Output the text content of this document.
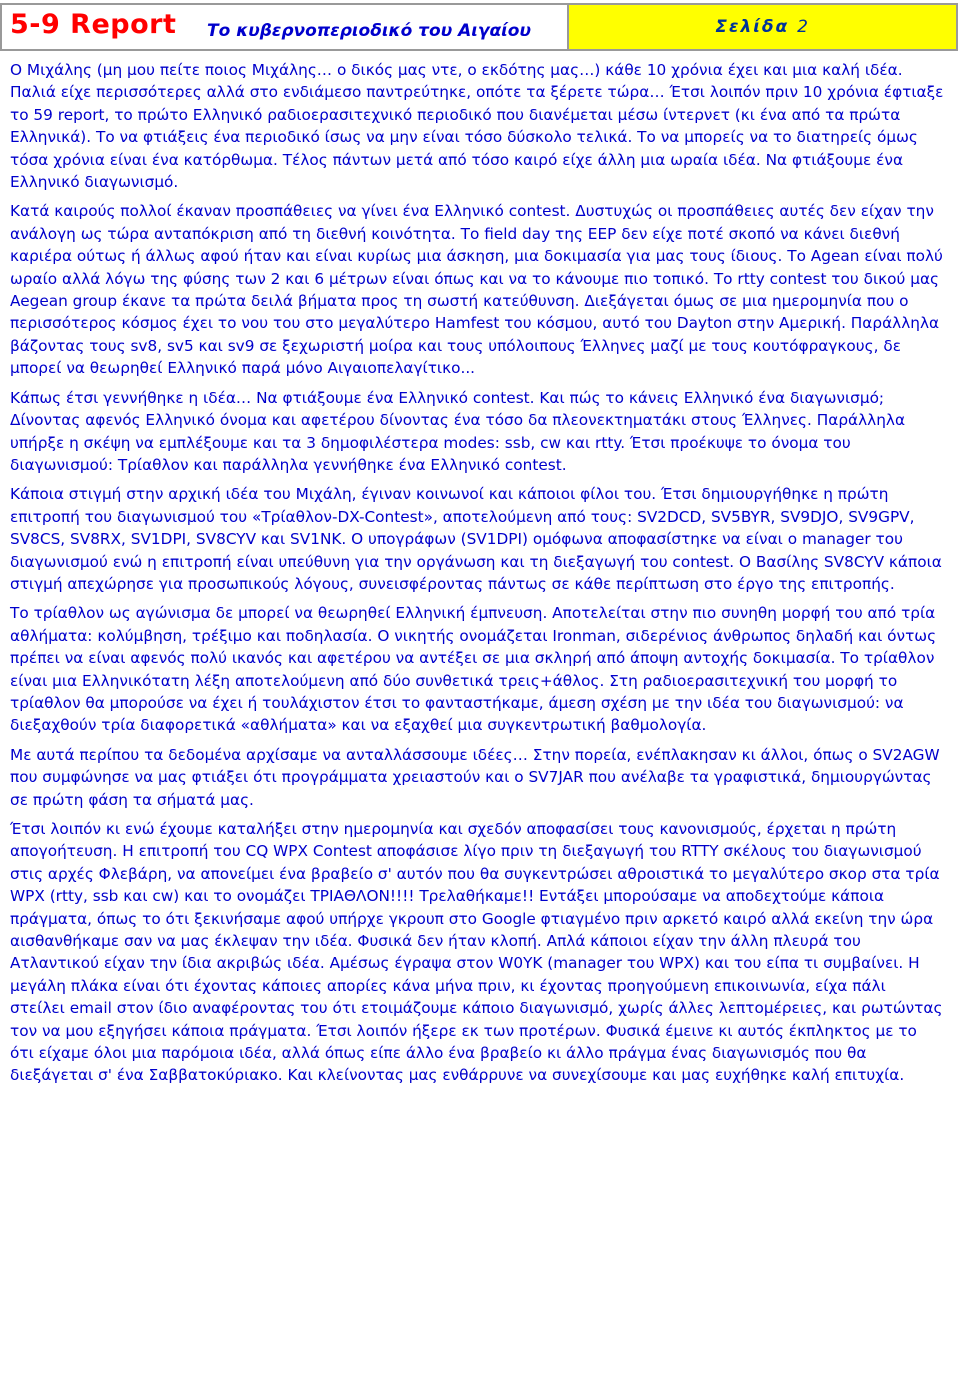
5-9 Report Το κυβερνοπεριοδικό του Αιγαίου	Σελίδα 2

Ο Μιχάλης (μη μου πείτε ποιος Μιχάλης… ο δικός μας ντε, ο εκδότης μας…) κάθε 10 χρόνια έχει και μια καλή ιδέα. Παλιά είχε περισσότερες αλλά στο ενδιάμεσο παντρεύτηκε, οπότε τα ξέρετε τώρα… Έτσι λοιπόν πριν 10 χρόνια έφτιαξε το 59 report, το πρώτο Ελληνικό ραδιοερασιτεχνικό περιοδικό που διανέμεται μέσω ίντερνετ (κι ένα από τα πρώτα Ελληνικά). Το να φτιάξεις ένα περιοδικό ίσως να μην είναι τόσο δύσκολο τελικά. Το να μπορείς να το διατηρείς όμως τόσα χρόνια είναι ένα κατόρθωμα. Τέλος πάντων μετά από τόσο καιρό είχε άλλη μια ωραία ιδέα. Να φτιάξουμε ένα Ελληνικό διαγωνισμό.

Κατά καιρούς πολλοί έκαναν προσπάθειες να γίνει ένα Ελληνικό contest. Δυστυχώς οι προσπάθειες αυτές δεν είχαν την ανάλογη ως τώρα ανταπόκριση από τη διεθνή κοινότητα. Το field day της ΕΕΡ δεν είχε ποτέ σκοπό να κάνει διεθνή καριέρα ούτως ή άλλως αφού ήταν και είναι κυρίως μια άσκηση, μια δοκιμασία για μας τους ίδιους. Το Agean είναι πολύ ωραίο αλλά λόγω της φύσης των 2 και 6 μέτρων είναι όπως και να το κάνουμε πιο τοπικό. Το rtty contest του δικού μας Aegean group έκανε τα πρώτα δειλά βήματα προς τη σωστή κατεύθυνση. Διεξάγεται όμως σε μια ημερομηνία που ο περισσότερος κόσμος έχει το νου του στο μεγαλύτερο Hamfest του κόσμου, αυτό του Dayton στην Αμερική. Παράλληλα βάζοντας τους sv8, sv5 και sv9 σε ξεχωριστή μοίρα και τους υπόλοιπους Έλληνες μαζί με τους κουτόφραγκους, δε μπορεί να θεωρηθεί Ελληνικό παρά μόνο Αιγαιοπελαγίτικο...

Κάπως έτσι γεννήθηκε η ιδέα… Να φτιάξουμε ένα Ελληνικό contest. Και πώς το κάνεις Ελληνικό ένα διαγωνισμό; Δίνοντας αφενός Ελληνικό όνομα και αφετέρου δίνοντας ένα τόσο δα πλεονεκτηματάκι στους Έλληνες. Παράλληλα υπήρξε η σκέψη να εμπλέξουμε και τα 3 δημοφιλέστερα modes: ssb, cw και rtty. Έτσι προέκυψε το όνομα του διαγωνισμού: Τρίαθλον και παράλληλα γεννήθηκε ένα Ελληνικό contest.

Κάποια στιγμή στην αρχική ιδέα του Μιχάλη, έγιναν κοινωνοί και κάποιοι φίλοι του. Έτσι δημιουργήθηκε η πρώτη επιτροπή του διαγωνισμού του «Τρίαθλον-DX-Contest», αποτελούμενη από τους: SV2DCD, SV5BYR, SV9DJO, SV9GPV, SV8CS, SV8RX, SV1DPI, SV8CYV και SV1NK. Ο υπογράφων (SV1DPI) ομόφωνα αποφασίστηκε να είναι ο manager του διαγωνισμού ενώ η επιτροπή είναι υπεύθυνη για την οργάνωση και τη διεξαγωγή του contest. Ο Βασίλης SV8CYV κάποια στιγμή απεχώρησε για προσωπικούς λόγους, συνεισφέροντας πάντως σε κάθε περίπτωση στο έργο της επιτροπής.

Το τρίαθλον ως αγώνισμα δε μπορεί να θεωρηθεί Ελληνική έμπνευση. Αποτελείται στην πιο συνηθη μορφή του από τρία αθλήματα: κολύμβηση, τρέξιμο και ποδηλασία. Ο νικητής ονομάζεται Ironman, σιδερένιος άνθρωπος δηλαδή και όντως πρέπει να είναι αφενός πολύ ικανός και αφετέρου να αντέξει σε μια σκληρή από άποψη αντοχής δοκιμασία. Το τρίαθλον είναι μια Ελληνικότατη λέξη αποτελούμενη από δύο συνθετικά τρεις+άθλος. Στη ραδιοερασιτεχνική του μορφή το τρίαθλον θα μπορούσε να έχει ή τουλάχιστον έτσι το φανταστήκαμε, άμεση σχέση με την ιδέα του διαγωνισμού: να διεξαχθούν τρία διαφορετικά «αθλήματα» και να εξαχθεί μια συγκεντρωτική βαθμολογία.

Με αυτά περίπου τα δεδομένα αρχίσαμε να ανταλλάσσουμε ιδέες… Στην πορεία, ενέπλακησαν κι άλλοι, όπως ο SV2AGW που συμφώνησε να μας φτιάξει ότι προγράμματα χρειαστούν και ο SV7JAR που ανέλαβε τα γραφιστικά, δημιουργώντας σε πρώτη φάση τα σήματά μας.

Έτσι λοιπόν κι ενώ έχουμε καταλήξει στην ημερομηνία και σχεδόν αποφασίσει τους κανονισμούς, έρχεται η πρώτη απογοήτευση. Η επιτροπή του CQ WPX Contest αποφάσισε λίγο πριν τη διεξαγωγή του RTTY σκέλους του διαγωνισμού στις αρχές Φλεβάρη, να απονείμει ένα βραβείο σ' αυτόν που θα συγκεντρώσει αθροιστικά το μεγαλύτερο σκορ στα τρία WPX (rtty, ssb και cw) και το ονομάζει ΤΡΙΑΘΛΟΝ!!!! Τρελαθήκαμε!! Εντάξει μπορούσαμε να αποδεχτούμε κάποια πράγματα, όπως το ότι ξεκινήσαμε αφού υπήρχε γκρουπ στο Google φτιαγμένο πριν αρκετό καιρό αλλά εκείνη την ώρα αισθανθήκαμε σαν να μας έκλεψαν την ιδέα. Φυσικά δεν ήταν κλοπή. Απλά κάποιοι είχαν την άλλη πλευρά του Ατλαντικού είχαν την ίδια ακριβώς ιδέα. Αμέσως έγραψα στον W0YK (manager του WPX) και του είπα τι συμβαίνει. Η μεγάλη πλάκα είναι ότι έχοντας κάποιες απορίες κάνα μήνα πριν, κι έχοντας προηγούμενη επικοινωνία, είχα πάλι στείλει email στον ίδιο αναφέροντας του ότι ετοιμάζουμε κάποιο διαγωνισμό, χωρίς άλλες λεπτομέρειες, και ρωτώντας τον να μου εξηγήσει κάποια πράγματα. Έτσι λοιπόν ήξερε εκ των προτέρων. Φυσικά έμεινε κι αυτός έκπληκτος με το ότι είχαμε όλοι μια παρόμοια ιδέα, αλλά όπως είπε άλλο ένα βραβείο κι άλλο πράγμα ένας διαγωνισμός που θα διεξάγεται σ' ένα Σαββατοκύριακο. Και κλείνοντας μας ενθάρρυνε να συνεχίσουμε και μας ευχήθηκε καλή επιτυχία.
